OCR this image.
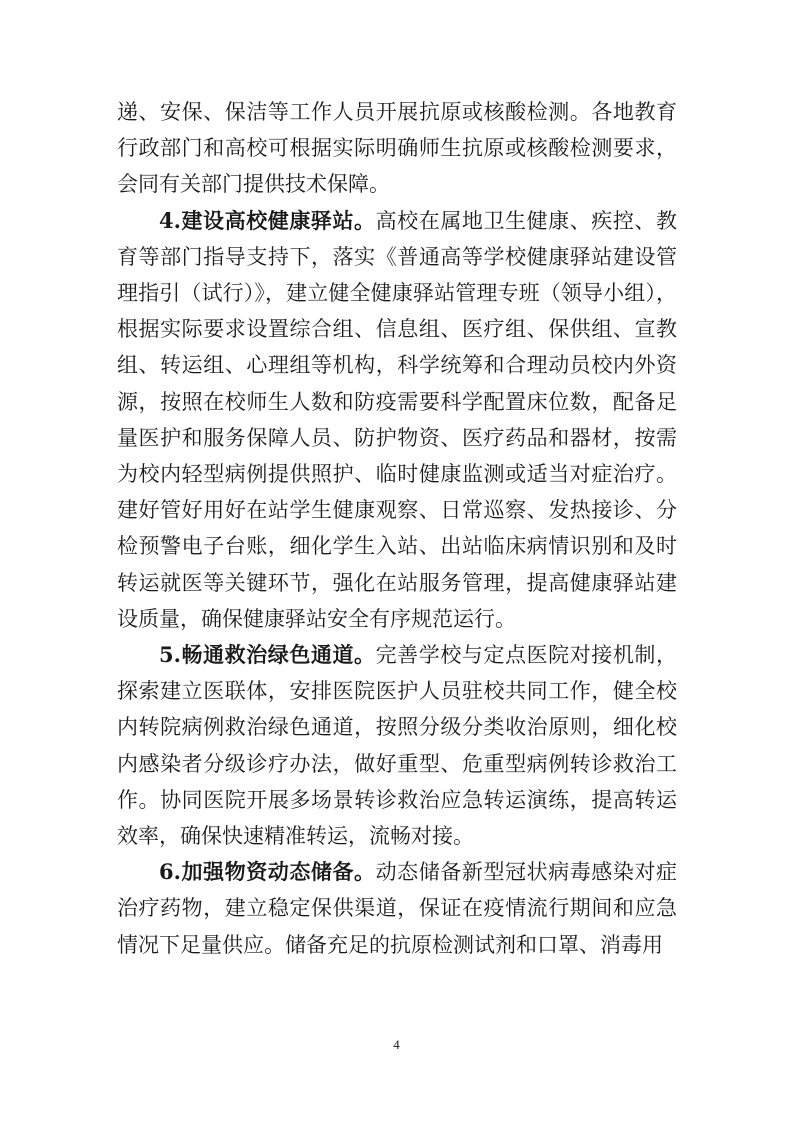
递、安保、保洁等工作人员开展抗原或核酸检测。各地教育行政部门和高校可根据实际明确师生抗原或核酸检测要求，会同有关部门提供技术保障。

4.建设高校健康驿站。高校在属地卫生健康、疾控、教育等部门指导支持下，落实《普通高等学校健康驿站建设管理指引（试行）》，建立健全健康驿站管理专班（领导小组），根据实际要求设置综合组、信息组、医疗组、保供组、宣教组、转运组、心理组等机构，科学统筹和合理动员校内外资源，按照在校师生人数和防疫需要科学配置床位数，配备足量医护和服务保障人员、防护物资、医疗药品和器材，按需为校内轻型病例提供照护、临时健康监测或适当对症治疗。建好管好用好在站学生健康观察、日常巡察、发热接诊、分检预警电子台账，细化学生入站、出站临床病情识别和及时转运就医等关键环节，强化在站服务管理，提高健康驿站建设质量，确保健康驿站安全有序规范运行。

5.畅通救治绿色通道。完善学校与定点医院对接机制，探索建立医联体，安排医院医护人员驻校共同工作，健全校内转院病例救治绿色通道，按照分级分类收治原则，细化校内感染者分级诊疗办法，做好重型、危重型病例转诊救治工作。协同医院开展多场景转诊救治应急转运演练，提高转运效率，确保快速精准转运，流畅对接。

6.加强物资动态储备。动态储备新型冠状病毒感染对症治疗药物，建立稳定保供渠道，保证在疫情流行期间和应急情况下足量供应。储备充足的抗原检测试剂和口罩、消毒用

4
